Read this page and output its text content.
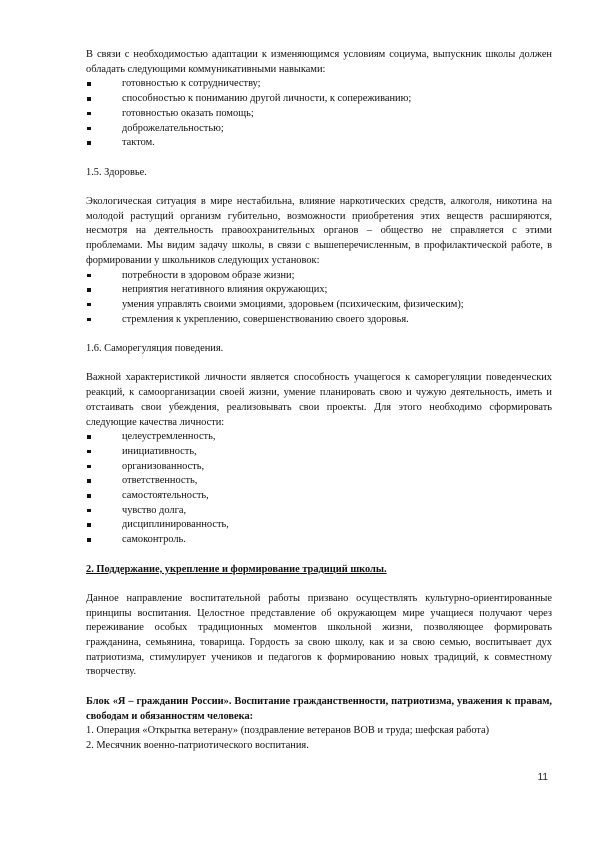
В связи с необходимостью адаптации к изменяющимся условиям социума, выпускник школы должен обладать следующими коммуникативными навыками:

готовностью к сотрудничеству;
способностью к пониманию другой личности, к сопереживанию;
готовностью оказать помощь;
доброжелательностью;
тактом.

1.5. Здоровье.

Экологическая ситуация в мире нестабильна, влияние наркотических средств, алкоголя, никотина на молодой растущий организм губительно, возможности приобретения этих веществ расширяются, несмотря на деятельность правоохранительных органов – общество не справляется с этими проблемами. Мы видим задачу школы, в связи с вышеперечисленным, в профилактической работе, в формировании у школьников следующих установок:

потребности в здоровом образе жизни;
неприятия негативного влияния окружающих;
умения управлять своими эмоциями, здоровьем (психическим, физическим);
стремления к укреплению, совершенствованию своего здоровья.

1.6. Саморегуляция поведения.

Важной характеристикой личности является способность учащегося к саморегуляции поведенческих реакций, к самоорганизации своей жизни, умение планировать свою и чужую деятельность, иметь и отстаивать свои убеждения, реализовывать свои проекты. Для этого необходимо сформировать следующие качества личности:

целеустремленность,
инициативность,
организованность,
ответственность,
самостоятельность,
чувство долга,
дисциплинированность,
самоконтроль.

2. Поддержание, укрепление и формирование традиций школы.

Данное направление воспитательной работы призвано осуществлять культурно-ориентированные принципы воспитания. Целостное представление об окружающем мире учащиеся получают через переживание особых традиционных моментов школьной жизни, позволяющее формировать гражданина, семьянина, товарища. Гордость за свою школу, как и за свою семью, воспитывает дух патриотизма, стимулирует учеников и педагогов к формированию новых традиций, к совместному творчеству.

Блок «Я – гражданин России». Воспитание гражданственности, патриотизма, уважения к правам, свободам и обязанностям человека:

1. Операция «Открытка ветерану» (поздравление ветеранов ВОВ и труда; шефская работа)

2. Месячник военно-патриотического воспитания.

11
